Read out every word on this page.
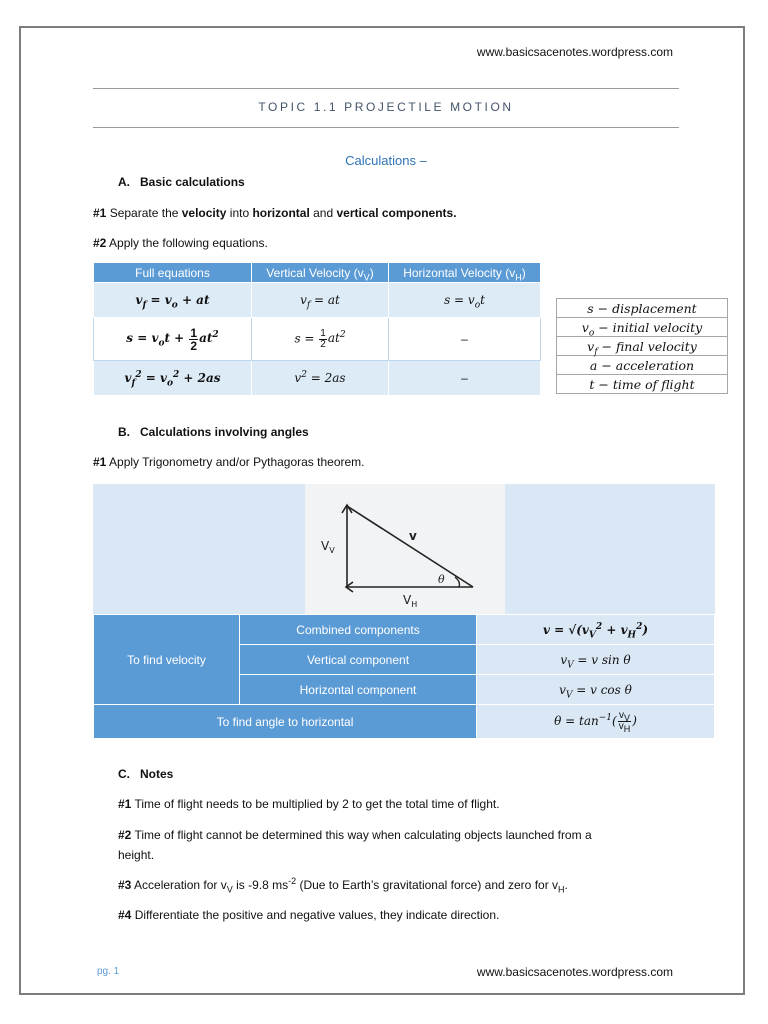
www.basicsacenotes.wordpress.com
TOPIC 1.1 PROJECTILE MOTION
Calculations –
A. Basic calculations
#1 Separate the velocity into horizontal and vertical components.
#2 Apply the following equations.
Full equations	Vertical Velocity $(v_V)$	Horizontal Velocity $(v_H)$
$v_f = v_o$ + at	$v_f$ = at	$s = v_ot$
$s = v_ot + \frac{1}{2} at^2$	$s = \frac{1}{2} at^2$	–
$v_f^2 = v_o^2 + 2as$	$v^2 = 2as$	–
s − displacement
$v_o$ − initial velocity
$v_f$ − final velocity
a − acceleration
t − time of flight
B. Calculations involving angles
#1 Apply Trigonometry and/or Pythagoras theorem.
$V_V$
v
$V_H$
θ
To find velocity	Combined components	$v = √(v_V^2 + v_H^2)$
	Vertical component	$v_V = v$ sin θ
	Horizontal component	$v_V = v$ cos θ
To find angle to horizontal		$\theta = \tan^{-1}( \frac{v_V}{v_H}$ )
C. Notes
#1 Time of flight needs to be multiplied by 2 to get the total time of flight.
#2 Time of flight cannot be determined this way when calculating objects launched from a
height.
#3 Acceleration for $v_V$ is -9.8 $ms^{-2}$ (Due to Earth’s gravitational force) and zero for $v_H$.
#4 Differentiate the positive and negative values, they indicate direction.
pg. 1	www.basicsacenotes.wordpress.com
